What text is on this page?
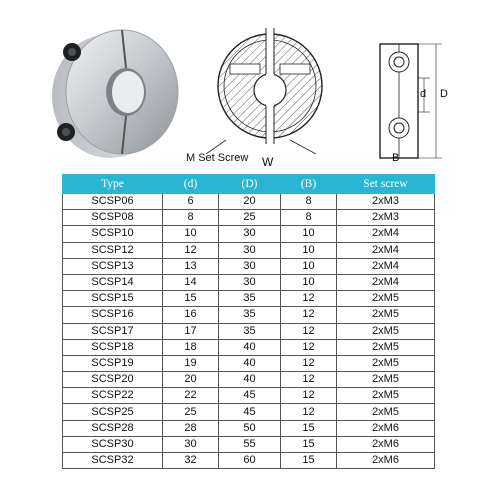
M Set Screw W
d D
B
Type	(d)	(D)	(B)	Set screw
SCSP06	6	20	8	2xM3
SCSP08	8	25	8	2xM3
SCSP10	10	30	10	2xM4
SCSP12	12	30	10	2xM4
SCSP13	13	30	10	2xM4
SCSP14	14	30	10	2xM4
SCSP15	15	35	12	2xM5
SCSP16	16	35	12	2xM5
SCSP17	17	35	12	2xM5
SCSP18	18	40	12	2xM5
SCSP19	19	40	12	2xM5
SCSP20	20	40	12	2xM5
SCSP22	22	45	12	2xM5
SCSP25	25	45	12	2xM5
SCSP28	28	50	15	2xM6
SCSP30	30	55	15	2xM6
SCSP32	32	60	15	2xM6
